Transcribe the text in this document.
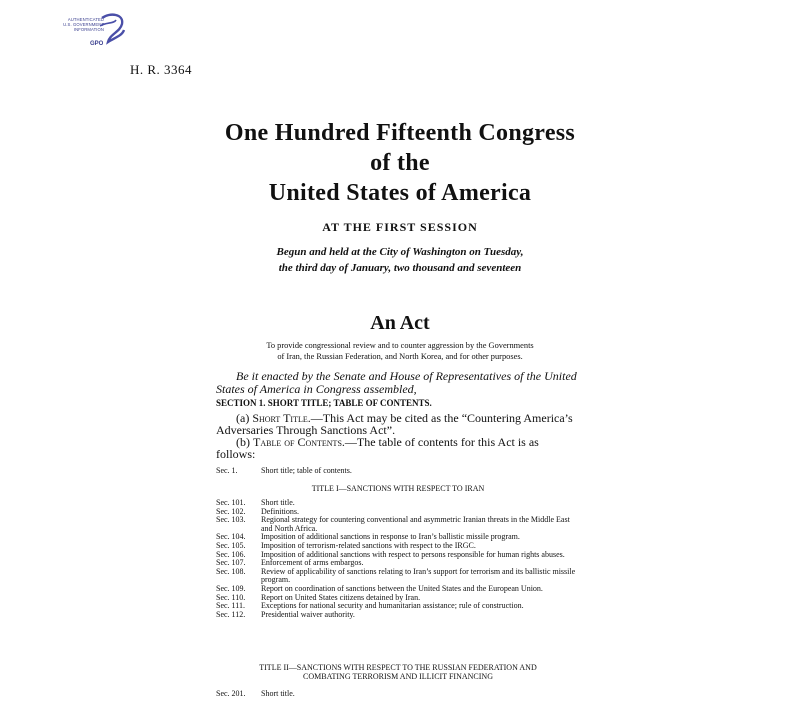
AUTHENTICATED
U.S. GOVERNMENT
INFORMATION
GPO
H. R. 3364
One Hundred Fifteenth Congress
of the
United States of America
AT THE FIRST SESSION
Begun and held at the City of Washington on Tuesday,
the third day of January, two thousand and seventeen
An Act
To provide congressional review and to counter aggression by the Governments
of Iran, the Russian Federation, and North Korea, and for other purposes.
Be it enacted by the Senate and House of Representatives of the United States of America in Congress assembled,
SECTION 1. SHORT TITLE; TABLE OF CONTENTS.
(a) Short Title.—This Act may be cited as the “Countering America’s Adversaries Through Sanctions Act”.
(b) Table of Contents.—The table of contents for this Act is as follows:
Sec. 1.	Short title; table of contents.
TITLE I—SANCTIONS WITH RESPECT TO IRAN
Sec. 101.	Short title.
Sec. 102.	Definitions.
Sec. 103.	Regional strategy for countering conventional and asymmetric Iranian threats in the Middle East and North Africa.
Sec. 104.	Imposition of additional sanctions in response to Iran’s ballistic missile program.
Sec. 105.	Imposition of terrorism-related sanctions with respect to the IRGC.
Sec. 106.	Imposition of additional sanctions with respect to persons responsible for human rights abuses.
Sec. 107.	Enforcement of arms embargos.
Sec. 108.	Review of applicability of sanctions relating to Iran’s support for terrorism and its ballistic missile program.
Sec. 109.	Report on coordination of sanctions between the United States and the European Union.
Sec. 110.	Report on United States citizens detained by Iran.
Sec. 111.	Exceptions for national security and humanitarian assistance; rule of construction.
Sec. 112.	Presidential waiver authority.
TITLE II—SANCTIONS WITH RESPECT TO THE RUSSIAN FEDERATION AND
COMBATING TERRORISM AND ILLICIT FINANCING
Sec. 201.	Short title.
